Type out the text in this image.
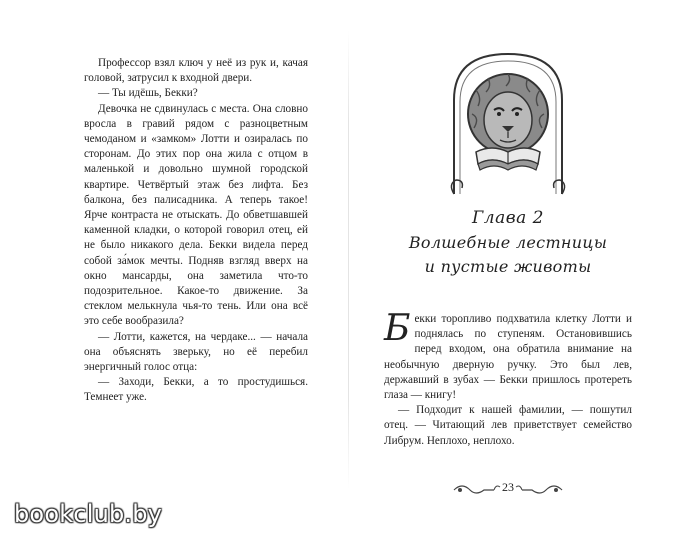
Профессор взял ключ у неё из рук и, качая головой, затрусил к входной двери.

— Ты идёшь, Бекки?

Девочка не сдвинулась с места. Она словно вросла в гравий рядом с разноцветным чемоданом и «замком» Лотти и озиралась по сторонам. До этих пор она жила с отцом в маленькой и довольно шумной городской квартире. Четвёртый этаж без лифта. Без балкона, без палисадника. А теперь такое! Ярче контраста не отыскать. До обветшавшей каменной кладки, о которой говорил отец, ей не было никакого дела. Бекки видела перед собой за́мок мечты. Подняв взгляд вверх на окно мансарды, она заметила что-то подозрительное. Какое-то движение. За стеклом мелькнула чья-то тень. Или она всё это себе вообразила?

— Лотти, кажется, на чердаке... — начала она объяснять зверьку, но её перебил энергичный голос отца:

— Заходи, Бекки, а то простудишься. Темнеет уже.

Глава 2
Волшебные лестницы
и пустые животы

Бекки торопливо подхватила клетку Лотти и поднялась по ступеням. Остановившись перед входом, она обратила внимание на необычную дверную ручку. Это был лев, державший в зубах — Бекки пришлось протереть глаза — книгу!

— Подходит к нашей фамилии, — пошутил отец. — Читающий лев приветствует семейство Либрум. Неплохо, неплохо.

23
bookclub.by
